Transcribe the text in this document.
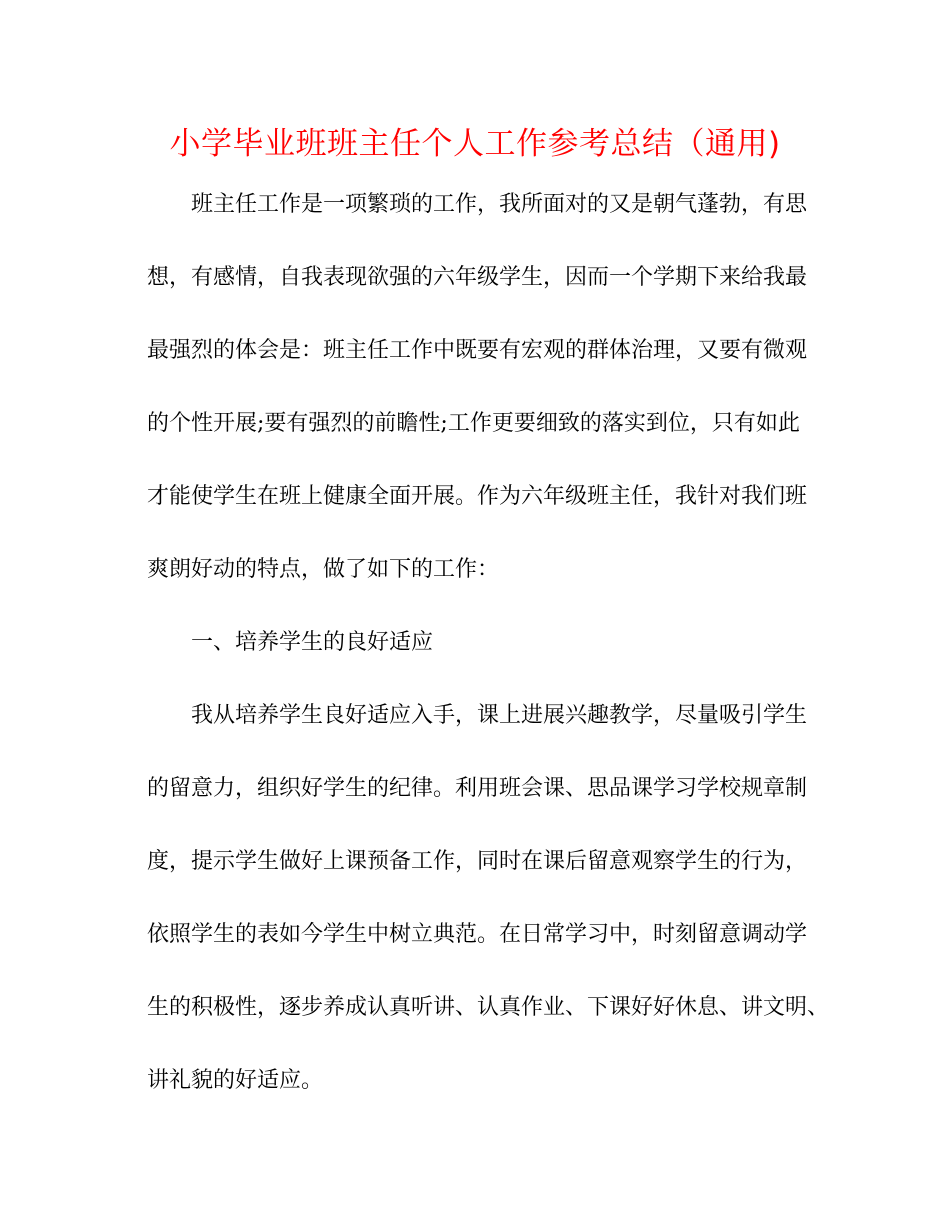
小学毕业班班主任个人工作参考总结（通用)
班主任工作是一项繁琐的工作，我所面对的又是朝气蓬勃，有思
想，有感情，自我表现欲强的六年级学生，因而一个学期下来给我最
最强烈的体会是：班主任工作中既要有宏观的群体治理，又要有微观
的个性开展;要有强烈的前瞻性;工作更要细致的落实到位，只有如此
才能使学生在班上健康全面开展。作为六年级班主任，我针对我们班
爽朗好动的特点，做了如下的工作：
一、培养学生的良好适应
我从培养学生良好适应入手，课上进展兴趣教学，尽量吸引学生
的留意力，组织好学生的纪律。利用班会课、思品课学习学校规章制
度，提示学生做好上课预备工作，同时在课后留意观察学生的行为，
依照学生的表如今学生中树立典范。在日常学习中，时刻留意调动学
生的积极性，逐步养成认真听讲、认真作业、下课好好休息、讲文明、
讲礼貌的好适应。
